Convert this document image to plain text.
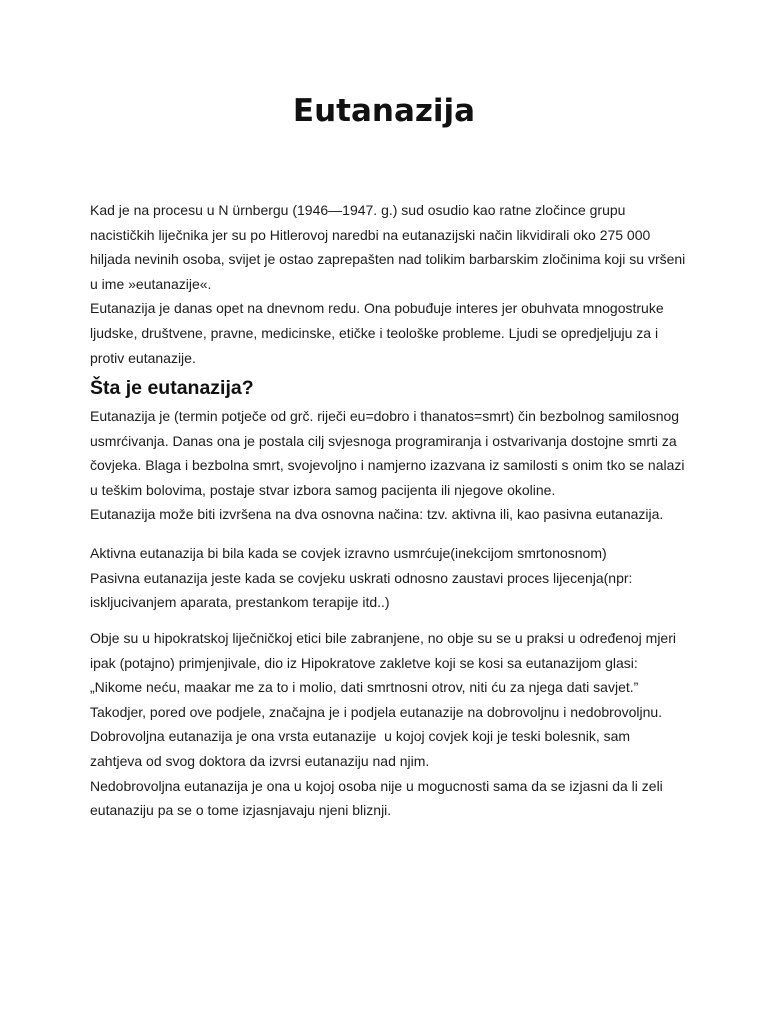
Eutanazija

Kad je na procesu u N ürnbergu (1946—1947. g.) sud osudio kao ratne zločince grupu

nacističkih liječnika jer su po Hitlerovoj naredbi na eutanazijski način likvidirali oko 275 000

hiljada nevinih osoba, svijet je ostao zaprepašten nad tolikim barbarskim zločinima koji su vršeni

u ime »eutanazije«.

Eutanazija je danas opet na dnevnom redu. Ona pobuđuje interes jer obuhvata mnogostruke

ljudske, društvene, pravne, medicinske, etičke i teološke probleme. Ljudi se opredjeljuju za i

protiv eutanazije.

Šta je eutanazija?

Eutanazija je (termin potječe od grč. riječi eu=dobro i thanatos=smrt) čin bezbolnog samilosnog

usmrćivanja. Danas ona je postala cilj svjesnoga programiranja i ostvarivanja dostojne smrti za

čovjeka. Blaga i bezbolna smrt, svojevoljno i namjerno izazvana iz samilosti s onim tko se nalazi

u teškim bolovima, postaje stvar izbora samog pacijenta ili njegove okoline.

Eutanazija može biti izvršena na dva osnovna načina: tzv. aktivna ili, kao pasivna eutanazija.

Aktivna eutanazija bi bila kada se covjek izravno usmrćuje(inekcijom smrtonosnom)

Pasivna eutanazija jeste kada se covjeku uskrati odnosno zaustavi proces lijecenja(npr:

iskljucivanjem aparata, prestankom terapije itd..)

Obje su u hipokratskoj liječničkoj etici bile zabranjene, no obje su se u praksi u određenoj mjeri

ipak (potajno) primjenjivale, dio iz Hipokratove zakletve koji se kosi sa eutanazijom glasi:

„Nikome neću, maakar me za to i molio, dati smrtnosni otrov, niti ću za njega dati savjet.”

Takodjer, pored ove podjele, značajna je i podjela eutanazije na dobrovoljnu i nedobrovoljnu.

Dobrovoljna eutanazija je ona vrsta eutanazije  u kojoj covjek koji je teski bolesnik, sam

zahtjeva od svog doktora da izvrsi eutanaziju nad njim.

Nedobrovoljna eutanazija je ona u kojoj osoba nije u mogucnosti sama da se izjasni da li zeli

eutanaziju pa se o tome izjasnjavaju njeni bliznji.
